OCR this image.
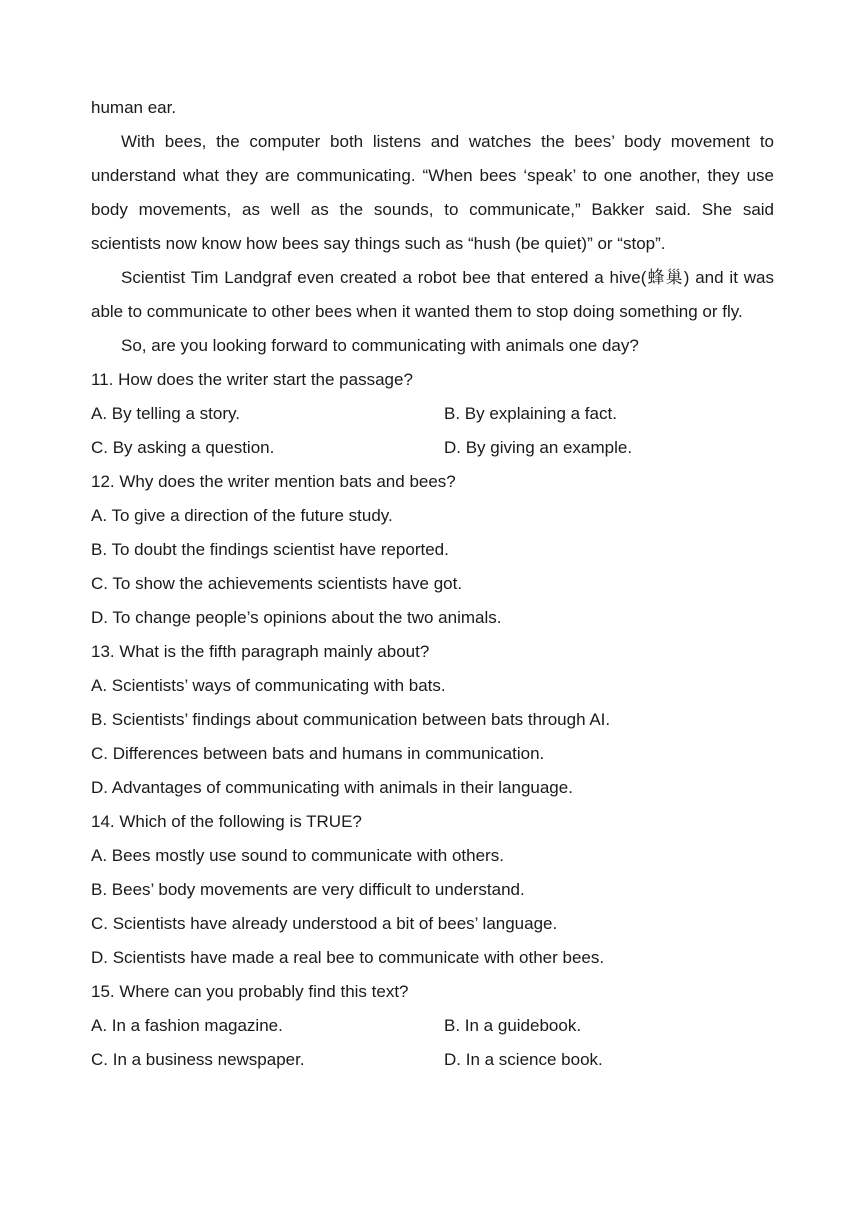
human ear.

With bees, the computer both listens and watches the bees’ body movement to understand what they are communicating. “When bees ‘speak’ to one another, they use body movements, as well as the sounds, to communicate,” Bakker said. She said scientists now know how bees say things such as “hush (be quiet)” or “stop”.

Scientist Tim Landgraf even created a robot bee that entered a hive(蜂巢) and it was able to communicate to other bees when it wanted them to stop doing something or fly.

So, are you looking forward to communicating with animals one day?

11. How does the writer start the passage?
A. By telling a story.	B. By explaining a fact.
C. By asking a question.	D. By giving an example.
12. Why does the writer mention bats and bees?
A. To give a direction of the future study.
B. To doubt the findings scientist have reported.
C. To show the achievements scientists have got.
D. To change people’s opinions about the two animals.
13. What is the fifth paragraph mainly about?
A. Scientists’ ways of communicating with bats.
B. Scientists’ findings about communication between bats through AI.
C. Differences between bats and humans in communication.
D. Advantages of communicating with animals in their language.
14. Which of the following is TRUE?
A. Bees mostly use sound to communicate with others.
B. Bees’ body movements are very difficult to understand.
C. Scientists have already understood a bit of bees’ language.
D. Scientists have made a real bee to communicate with other bees.
15. Where can you probably find this text?
A. In a fashion magazine.	B. In a guidebook.
C. In a business newspaper.	D. In a science book.
